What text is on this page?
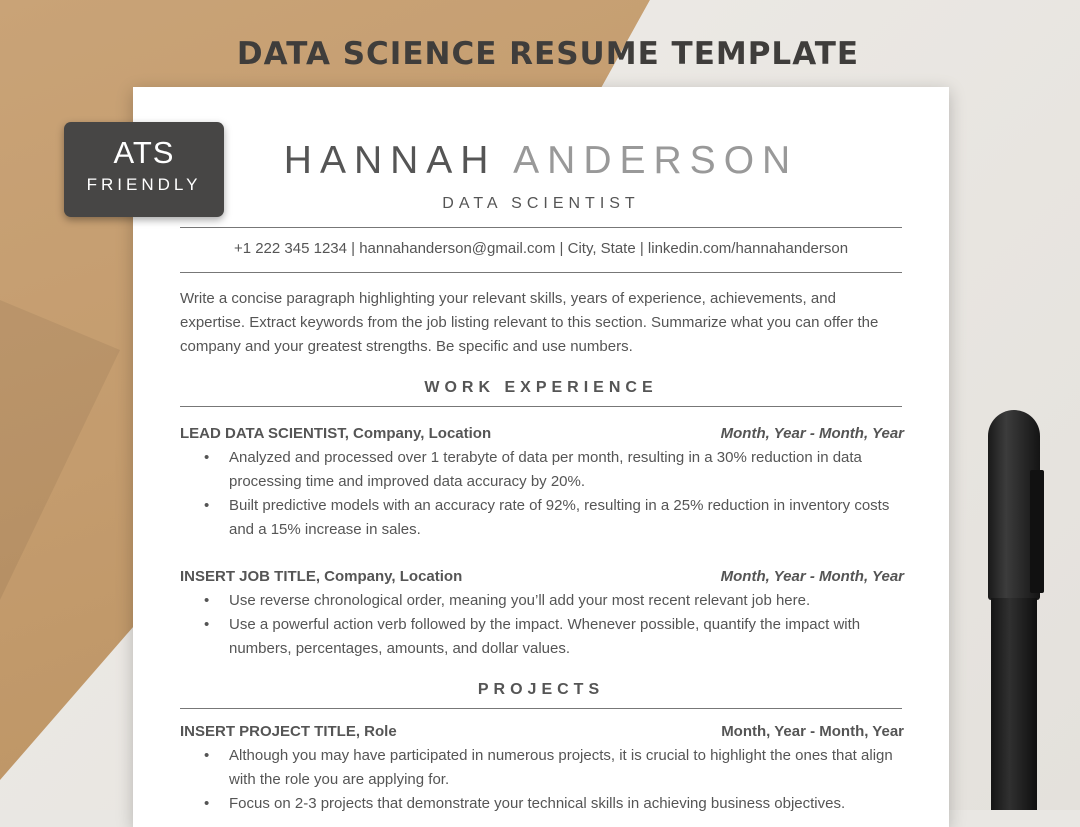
DATA SCIENCE RESUME TEMPLATE
HANNAH ANDERSON
DATA SCIENTIST
+1 222 345 1234 | hannahanderson@gmail.com | City, State | linkedin.com/hannahanderson

Write a concise paragraph highlighting your relevant skills, years of experience, achievements, and expertise. Extract keywords from the job listing relevant to this section. Summarize what you can offer the company and your greatest strengths. Be specific and use numbers.

WORK EXPERIENCE
LEAD DATA SCIENTIST, Company, Location	Month, Year - Month, Year
• Analyzed and processed over 1 terabyte of data per month, resulting in a 30% reduction in data processing time and improved data accuracy by 20%.
• Built predictive models with an accuracy rate of 92%, resulting in a 25% reduction in inventory costs and a 15% increase in sales.
INSERT JOB TITLE, Company, Location	Month, Year - Month, Year
• Use reverse chronological order, meaning you’ll add your most recent relevant job here.
• Use a powerful action verb followed by the impact. Whenever possible, quantify the impact with numbers, percentages, amounts, and dollar values.
PROJECTS
INSERT PROJECT TITLE, Role	Month, Year - Month, Year
• Although you may have participated in numerous projects, it is crucial to highlight the ones that align with the role you are applying for.
• Focus on 2-3 projects that demonstrate your technical skills in achieving business objectives.
ATS
FRIENDLY
